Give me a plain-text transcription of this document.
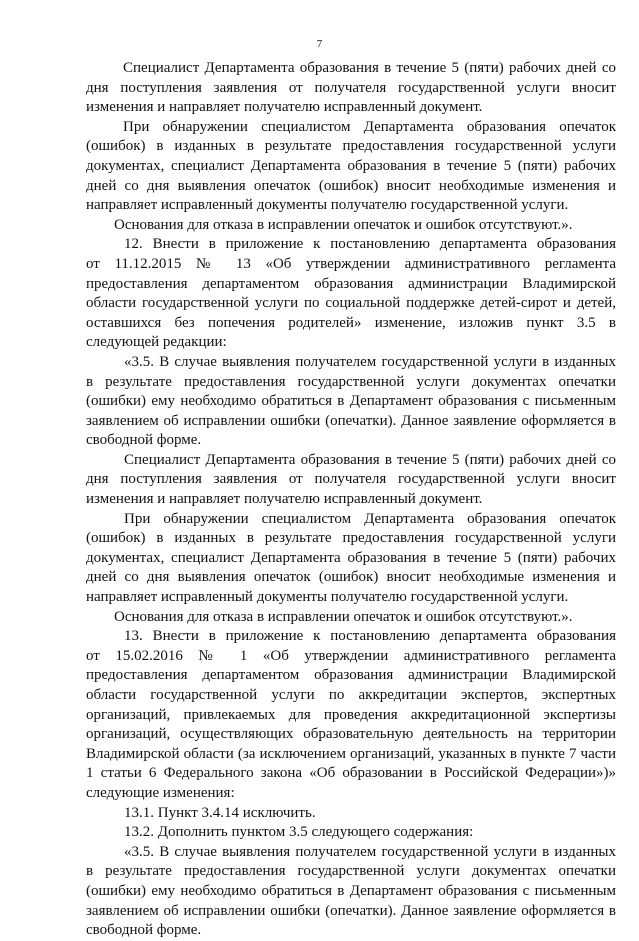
7
Специалист Департамента образования в течение 5 (пяти) рабочих дней со
дня поступления заявления от получателя государственной услуги вносит
изменения и направляет получателю исправленный документ.
При обнаружении специалистом Департамента образования опечаток
(ошибок) в изданных в результате предоставления государственной услуги
документах, специалист Департамента образования в течение 5 (пяти) рабочих
дней со дня выявления опечаток (ошибок) вносит необходимые изменения и
направляет исправленный документы получателю государственной услуги.
Основания для отказа в исправлении опечаток и ошибок отсутствуют.».
12. Внести в приложение к постановлению департамента образования
от 11.12.2015 № 13 «Об утверждении административного регламента
предоставления департаментом образования администрации Владимирской
области государственной услуги по социальной поддержке детей-сирот и детей,
оставшихся без попечения родителей» изменение, изложив пункт 3.5 в
следующей редакции:
«3.5. В случае выявления получателем государственной услуги в изданных
в результате предоставления государственной услуги документах опечатки
(ошибки) ему необходимо обратиться в Департамент образования с письменным
заявлением об исправлении ошибки (опечатки). Данное заявление оформляется в
свободной форме.
Специалист Департамента образования в течение 5 (пяти) рабочих дней со
дня поступления заявления от получателя государственной услуги вносит
изменения и направляет получателю исправленный документ.
При обнаружении специалистом Департамента образования опечаток
(ошибок) в изданных в результате предоставления государственной услуги
документах, специалист Департамента образования в течение 5 (пяти) рабочих
дней со дня выявления опечаток (ошибок) вносит необходимые изменения и
направляет исправленный документы получателю государственной услуги.
Основания для отказа в исправлении опечаток и ошибок отсутствуют.».
13. Внести в приложение к постановлению департамента образования
от 15.02.2016 № 1 «Об утверждении административного регламента
предоставления департаментом образования администрации Владимирской
области государственной услуги по аккредитации экспертов, экспертных
организаций, привлекаемых для проведения аккредитационной экспертизы
организаций, осуществляющих образовательную деятельность на территории
Владимирской области (за исключением организаций, указанных в пункте 7 части
1 статьи 6 Федерального закона «Об образовании в Российской Федерации»)»
следующие изменения:
13.1. Пункт 3.4.14 исключить.
13.2. Дополнить пунктом 3.5 следующего содержания:
«3.5. В случае выявления получателем государственной услуги в изданных
в результате предоставления государственной услуги документах опечатки
(ошибки) ему необходимо обратиться в Департамент образования с письменным
заявлением об исправлении ошибки (опечатки). Данное заявление оформляется в
свободной форме.
